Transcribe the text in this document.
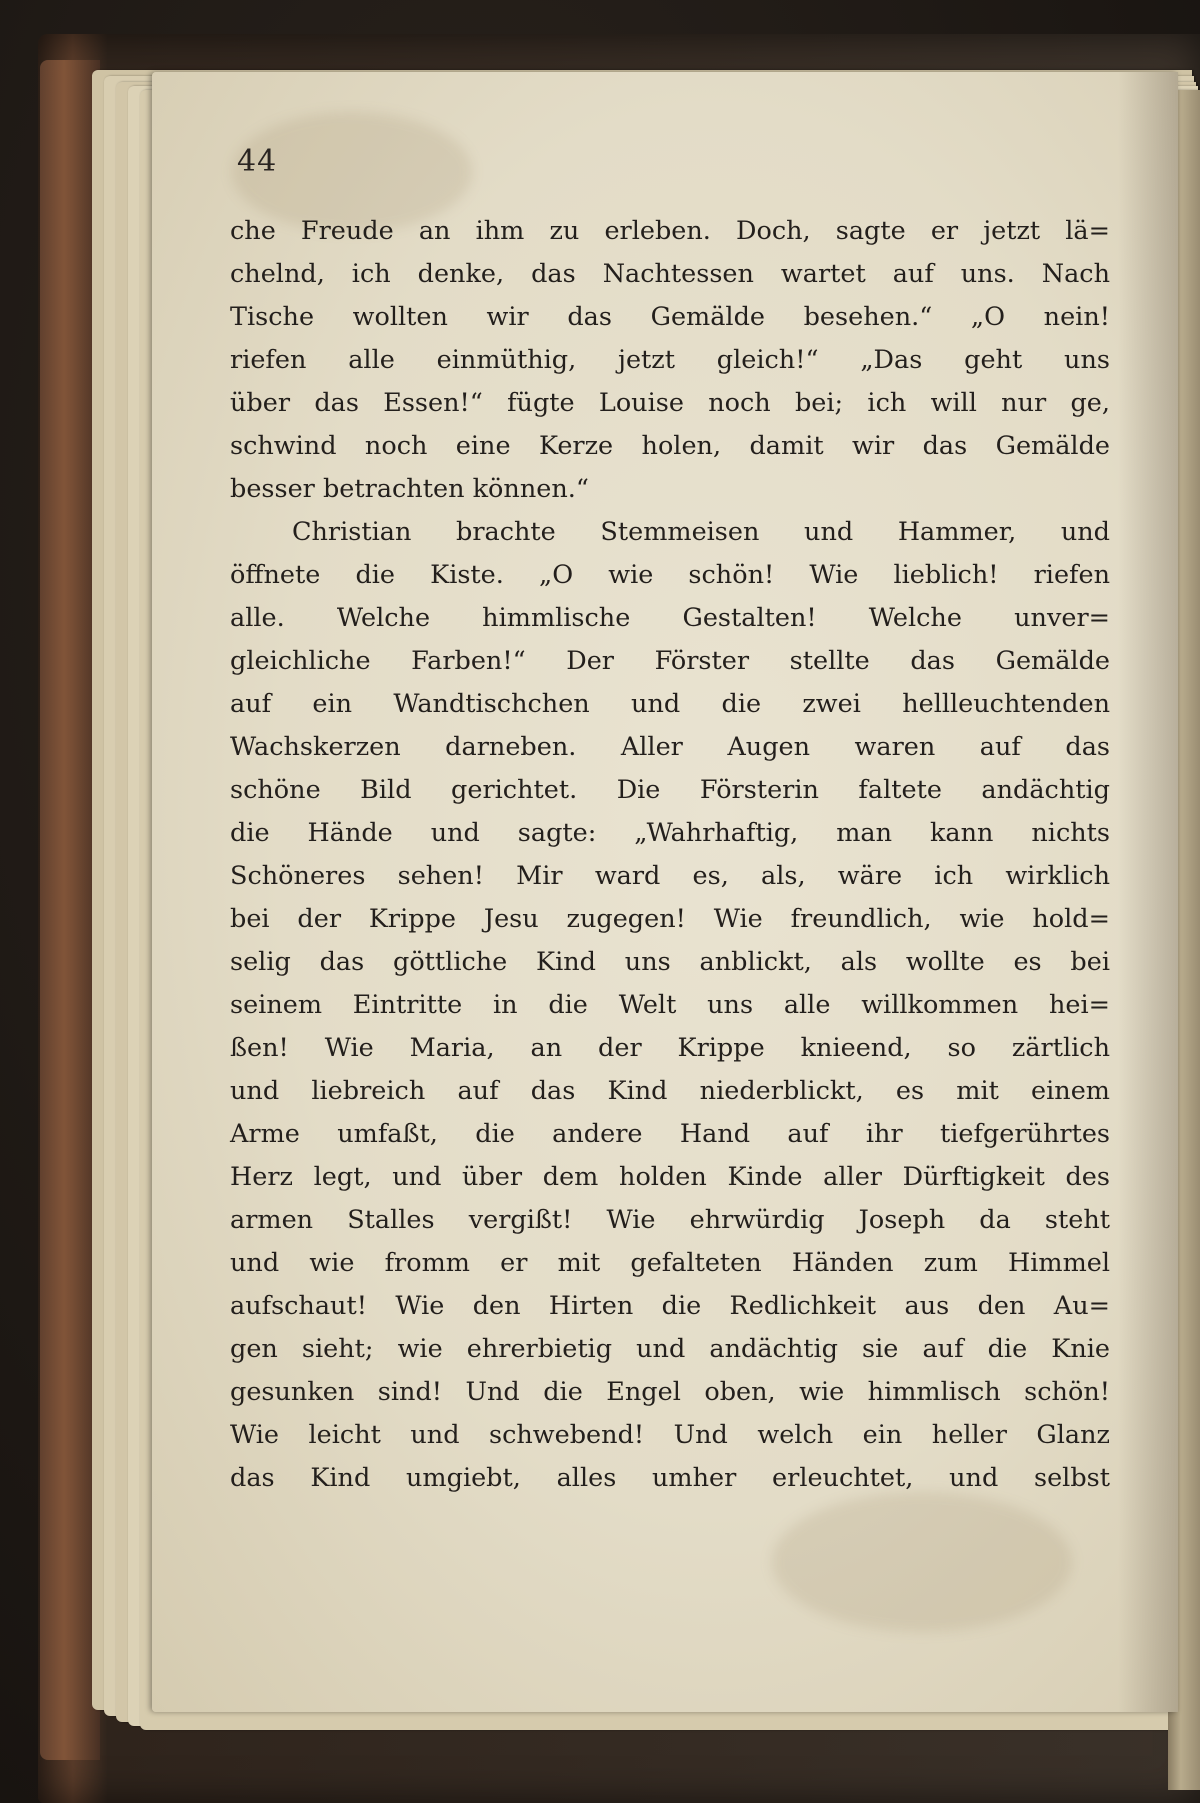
44
che Freude an ihm zu erleben. Doch, sagte er jetzt lä=
chelnd, ich denke, das Nachtessen wartet auf uns. Nach
Tische wollten wir das Gemälde besehen.“ „O nein!
riefen alle einmüthig, jetzt gleich!“ „Das geht uns
über das Essen!“ fügte Louise noch bei; ich will nur ge,
schwind noch eine Kerze holen, damit wir das Gemälde
besser betrachten können.“
Christian brachte Stemmeisen und Hammer, und
öffnete die Kiste. „O wie schön! Wie lieblich! riefen
alle. Welche himmlische Gestalten! Welche unver=
gleichliche Farben!“ Der Förster stellte das Gemälde
auf ein Wandtischchen und die zwei hellleuchtenden
Wachskerzen darneben. Aller Augen waren auf das
schöne Bild gerichtet. Die Försterin faltete andächtig
die Hände und sagte: „Wahrhaftig, man kann nichts
Schöneres sehen! Mir ward es, als, wäre ich wirklich
bei der Krippe Jesu zugegen! Wie freundlich, wie hold=
selig das göttliche Kind uns anblickt, als wollte es bei
seinem Eintritte in die Welt uns alle willkommen hei=
ßen! Wie Maria, an der Krippe knieend, so zärtlich
und liebreich auf das Kind niederblickt, es mit einem
Arme umfaßt, die andere Hand auf ihr tiefgerührtes
Herz legt, und über dem holden Kinde aller Dürftigkeit des
armen Stalles vergißt! Wie ehrwürdig Joseph da steht
und wie fromm er mit gefalteten Händen zum Himmel
aufschaut! Wie den Hirten die Redlichkeit aus den Au=
gen sieht; wie ehrerbietig und andächtig sie auf die Knie
gesunken sind! Und die Engel oben, wie himmlisch schön!
Wie leicht und schwebend! Und welch ein heller Glanz
das Kind umgiebt, alles umher erleuchtet, und selbst
